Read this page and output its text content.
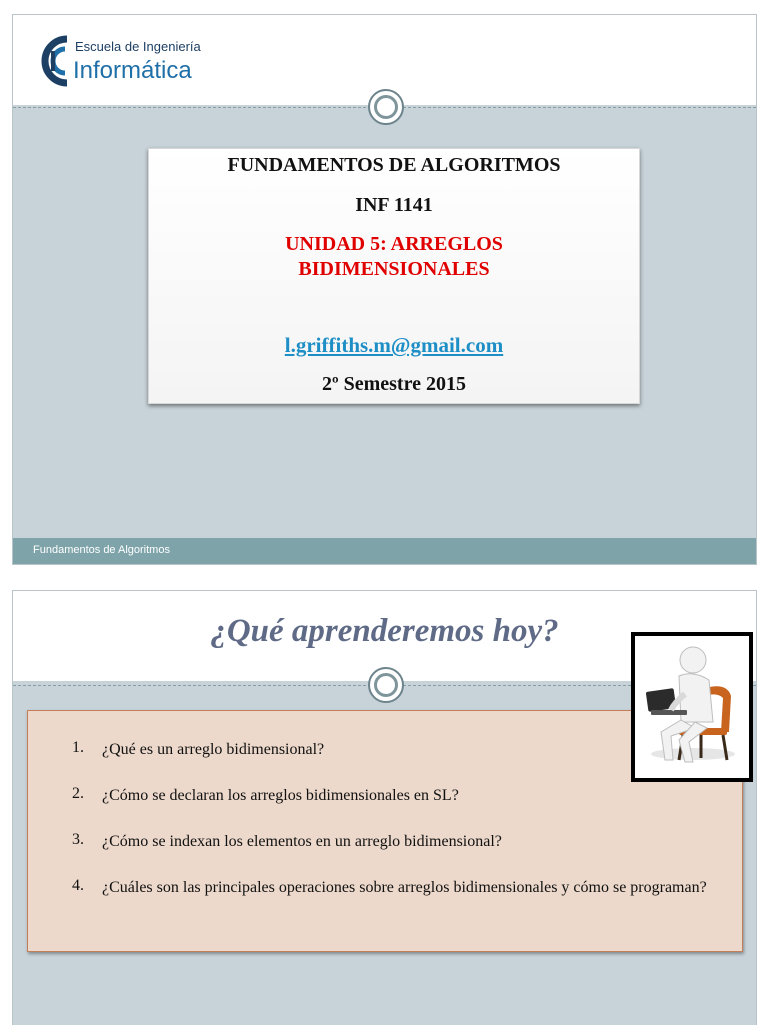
Escuela de Ingeniería
Informática
FUNDAMENTOS DE ALGORITMOS
INF 1141
UNIDAD 5: ARREGLOS
BIDIMENSIONALES
l.griffiths.m@gmail.com
2º Semestre 2015
Fundamentos de Algoritmos
¿Qué aprenderemos hoy?
1. ¿Qué es un arreglo bidimensional?
2. ¿Cómo se declaran los arreglos bidimensionales en SL?
3. ¿Cómo se indexan los elementos en un arreglo bidimensional?
4. ¿Cuáles son las principales operaciones sobre arreglos bidimensionales y cómo se programan?
